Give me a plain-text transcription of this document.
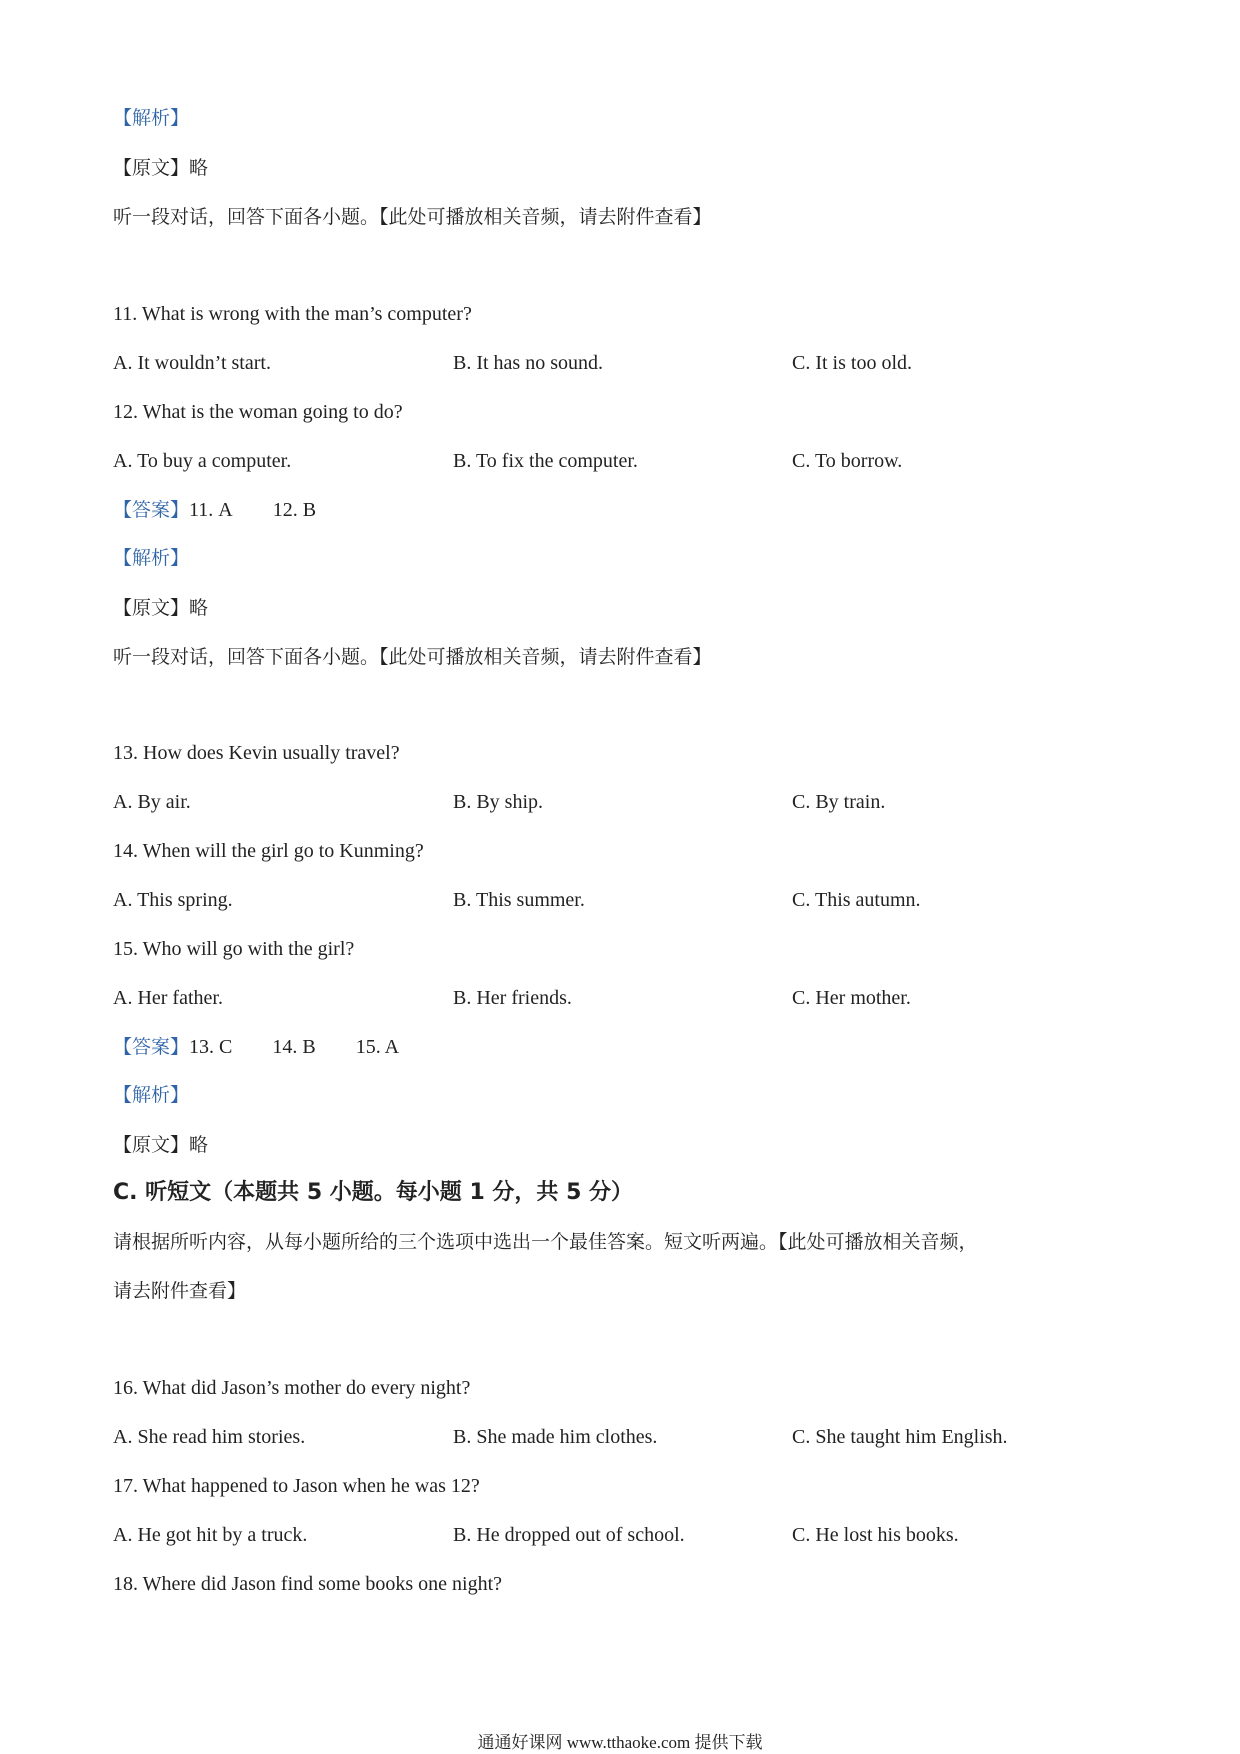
【解析】
【原文】略
听一段对话，回答下面各小题。【此处可播放相关音频，请去附件查看】
11. What is wrong with the man’s computer?
A. It wouldn’t start.	B. It has no sound.	C. It is too old.
12. What is the woman going to do?
A. To buy a computer.	B. To fix the computer.	C. To borrow.
【答案】11. A 12. B
【解析】
【原文】略
听一段对话，回答下面各小题。【此处可播放相关音频，请去附件查看】
13. How does Kevin usually travel?
A. By air.	B. By ship.	C. By train.
14. When will the girl go to Kunming?
A. This spring.	B. This summer.	C. This autumn.
15. Who will go with the girl?
A. Her father.	B. Her friends.	C. Her mother.
【答案】13. C 14. B 15. A
【解析】
【原文】略
C. 听短文（本题共 5 小题。每小题 1 分，共 5 分）
请根据所听内容，从每小题所给的三个选项中选出一个最佳答案。短文听两遍。【此处可播放相关音频，
请去附件查看】
16. What did Jason’s mother do every night?
A. She read him stories.	B. She made him clothes.	C. She taught him English.
17. What happened to Jason when he was 12?
A. He got hit by a truck.	B. He dropped out of school.	C. He lost his books.
18. Where did Jason find some books one night?
通通好课网 www.tthaoke.com 提供下载
